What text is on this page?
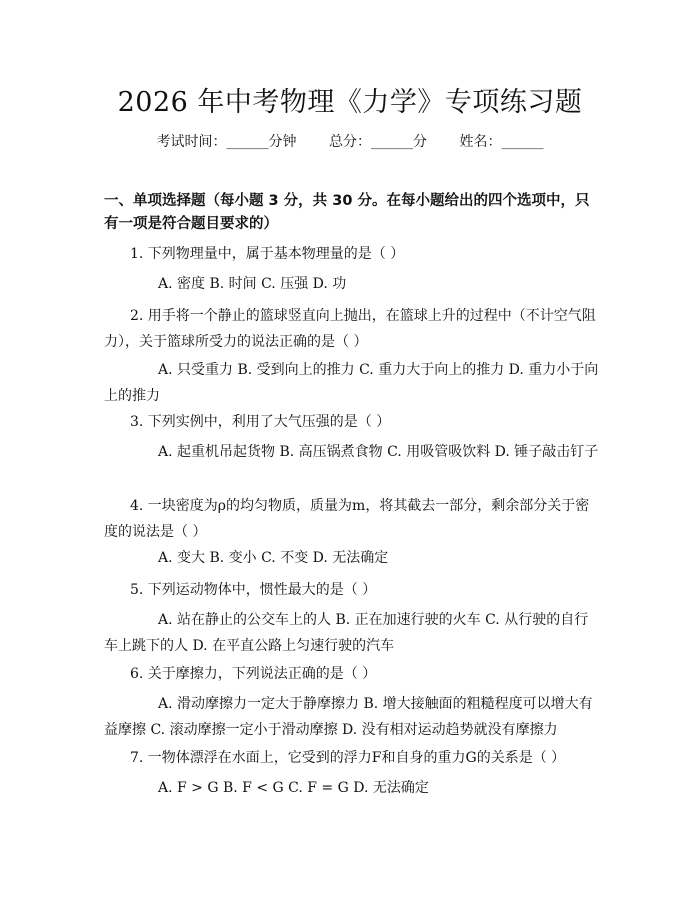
2026 年中考物理《力学》专项练习题
考试时间：______分钟 总分：______分 姓名：______
一、单项选择题（每小题 3 分，共 30 分。在每小题给出的四个选项中，只有一项是符合题目要求的）
1. 下列物理量中，属于基本物理量的是（ ）
A. 密度 B. 时间 C. 压强 D. 功
2. 用手将一个静止的篮球竖直向上抛出，在篮球上升的过程中（不计空气阻力），关于篮球所受力的说法正确的是（ ）
A. 只受重力 B. 受到向上的推力 C. 重力大于向上的推力 D. 重力小于向上的推力
3. 下列实例中，利用了大气压强的是（ ）
A. 起重机吊起货物 B. 高压锅煮食物 C. 用吸管吸饮料 D. 锤子敲击钉子
4. 一块密度为ρ的均匀物质，质量为m，将其截去一部分，剩余部分关于密度的说法是（ ）
A. 变大 B. 变小 C. 不变 D. 无法确定
5. 下列运动物体中，惯性最大的是（ ）
A. 站在静止的公交车上的人 B. 正在加速行驶的火车 C. 从行驶的自行车上跳下的人 D. 在平直公路上匀速行驶的汽车
6. 关于摩擦力，下列说法正确的是（ ）
A. 滑动摩擦力一定大于静摩擦力 B. 增大接触面的粗糙程度可以增大有益摩擦 C. 滚动摩擦一定小于滑动摩擦 D. 没有相对运动趋势就没有摩擦力
7. 一物体漂浮在水面上，它受到的浮力F和自身的重力G的关系是（ ）
A. F > G B. F < G C. F = G D. 无法确定
